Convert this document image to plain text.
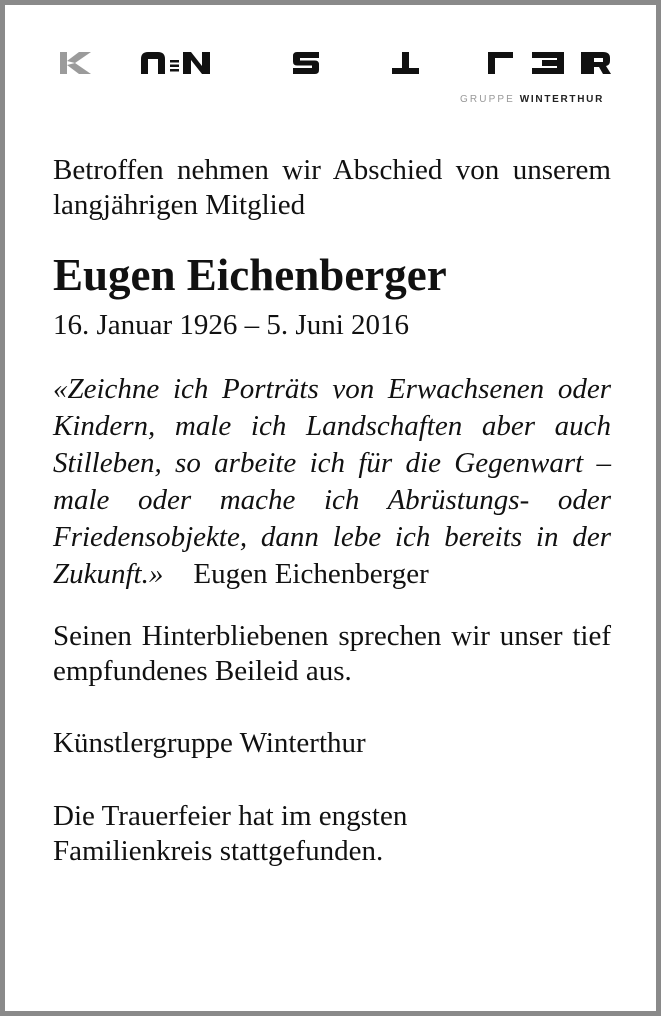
GRUPPE WINTERTHUR

Betroffen nehmen wir Abschied von unserem langjährigen Mitglied

Eugen Eichenberger

16. Januar 1926 – 5. Juni 2016

«Zeichne ich Porträts von Erwachsenen oder Kindern, male ich Landschaften aber auch Stilleben, so arbeite ich für die Gegenwart – male oder mache ich Abrüstungs- oder Friedensobjekte, dann lebe ich bereits in der Zukunft.» Eugen Eichenberger

Seinen Hinterbliebenen sprechen wir unser tief empfundenes Beileid aus.

Künstlergruppe Winterthur

Die Trauerfeier hat im engsten
Familienkreis stattgefunden.
